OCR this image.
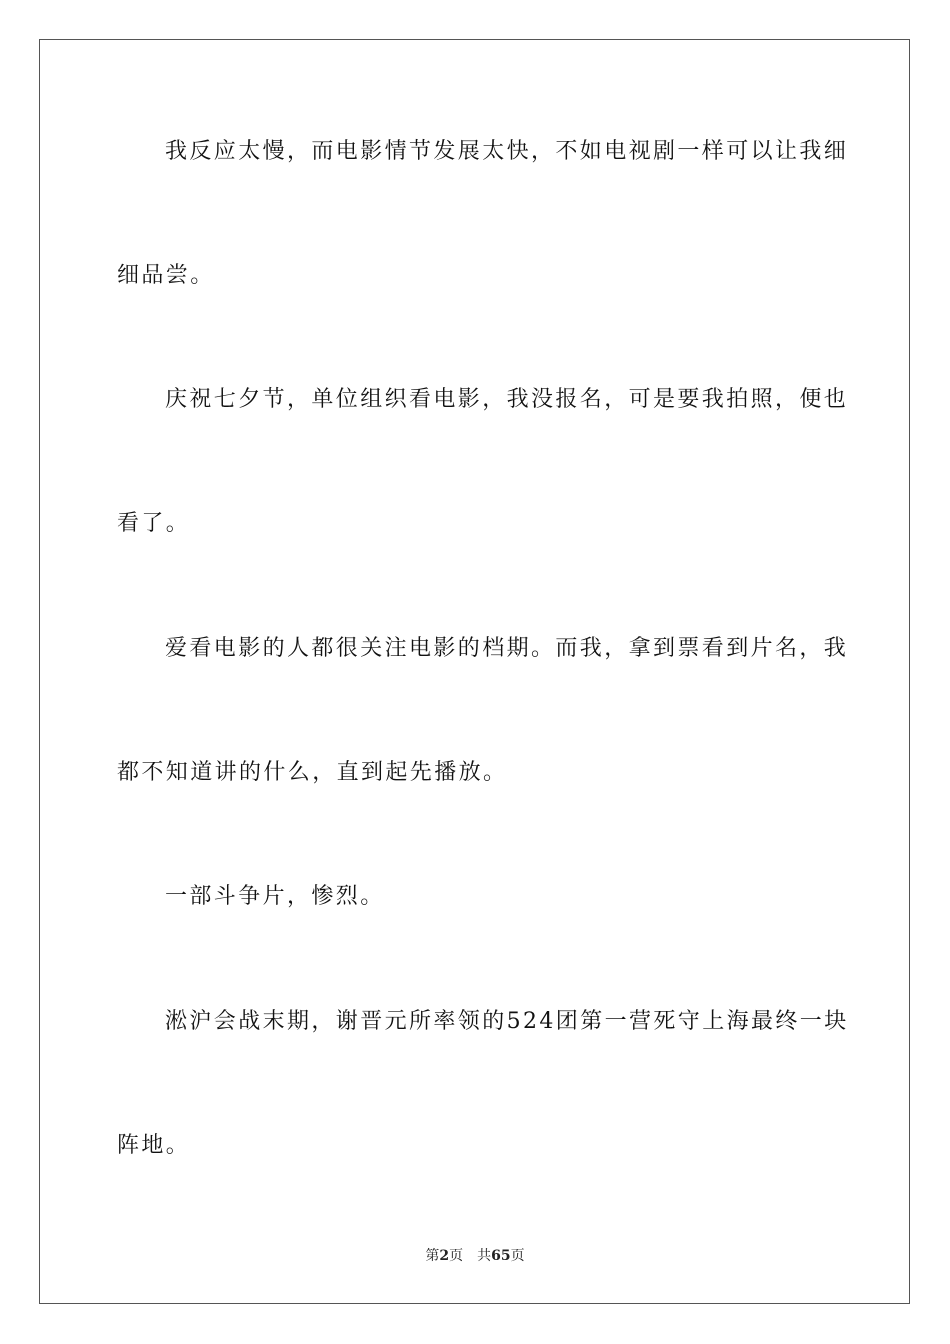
我反应太慢，而电影情节发展太快，不如电视剧一样可以让我细
细品尝。
庆祝七夕节，单位组织看电影，我没报名，可是要我拍照，便也
看了。
爱看电影的人都很关注电影的档期。而我，拿到票看到片名，我
都不知道讲的什么，直到起先播放。
一部斗争片，惨烈。
淞沪会战末期，谢晋元所率领的524团第一营死守上海最终一块
阵地。
第2页 共65页
